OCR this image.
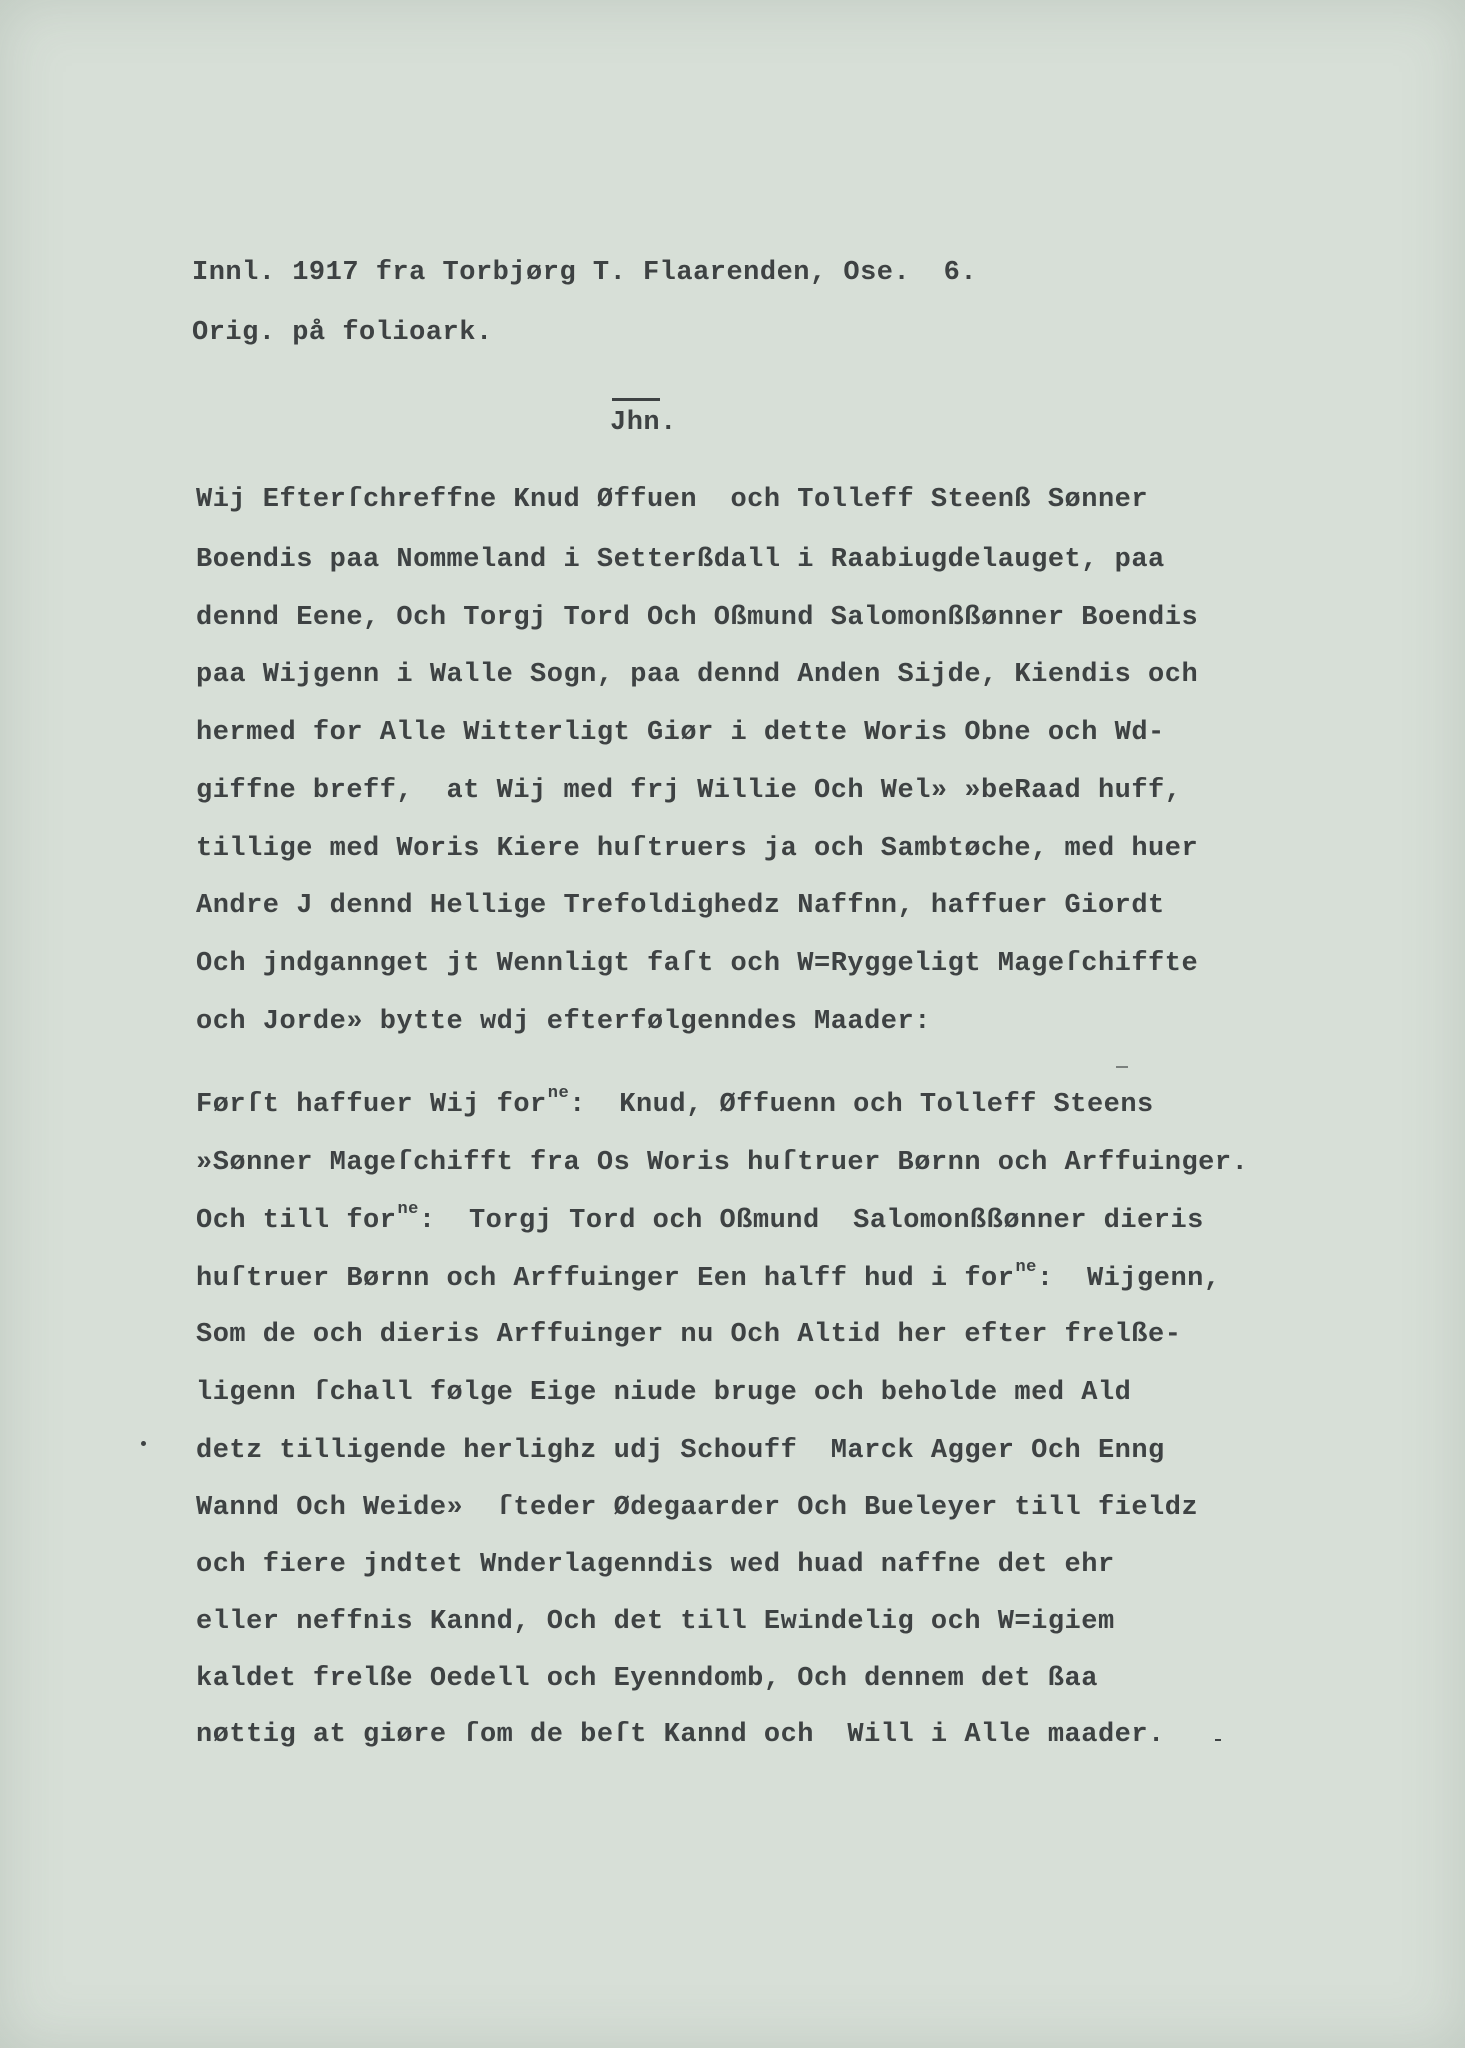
Innl. 1917 fra Torbjørg T. Flaarenden, Ose.  6.

Orig. på folioark.

Jhn.

Wij Efterſchreffne Knud Øffuen  och Tolleff Steenß Sønner

Boendis paa Nommeland i Setterßdall i Raabiugdelauget, paa

dennd Eene, Och Torgj Tord Och Oßmund Salomonßßønner Boendis

paa Wijgenn i Walle Sogn, paa dennd Anden Sijde, Kiendis och

hermed for Alle Witterligt Giør i dette Woris Obne och Wd-

giffne breff,  at Wij med frj Willie Och Wel» »beRaad huff,

tillige med Woris Kiere huſtruers ja och Sambtøche, med huer

Andre J dennd Hellige Trefoldighedz Naffnn, haffuer Giordt

Och jndgannget jt Wennligt faſt och W=Ryggeligt Mageſchiffte

och Jorde» bytte wdj efterfølgenndes Maader:

Førſt haffuer Wij for$^{ne}$:  Knud, Øffuenn och Tolleff Steens

»Sønner Mageſchifft fra Os Woris huſtruer Børnn och Arffuinger.

Och till for$^{ne}$:  Torgj Tord och Oßmund  Salomonßßønner dieris

huſtruer Børnn och Arffuinger Een halff hud i for$^{ne}$:  Wijgenn,

Som de och dieris Arffuinger nu Och Altid her efter frelße-

ligenn ſchall følge Eige niude bruge och beholde med Ald

detz tilligende herlighz udj Schouff  Marck Agger Och Enng

Wannd Och Weide»  ſteder Ødegaarder Och Bueleyer till fieldz

och fiere jndtet Wnderlagenndis wed huad naffne det ehr

eller neffnis Kannd, Och det till Ewindelig och W=igiem

kaldet frelße Oedell och Eyenndomb, Och dennem det ßaa

nøttig at giøre ſom de beſt Kannd och  Will i Alle maader.
